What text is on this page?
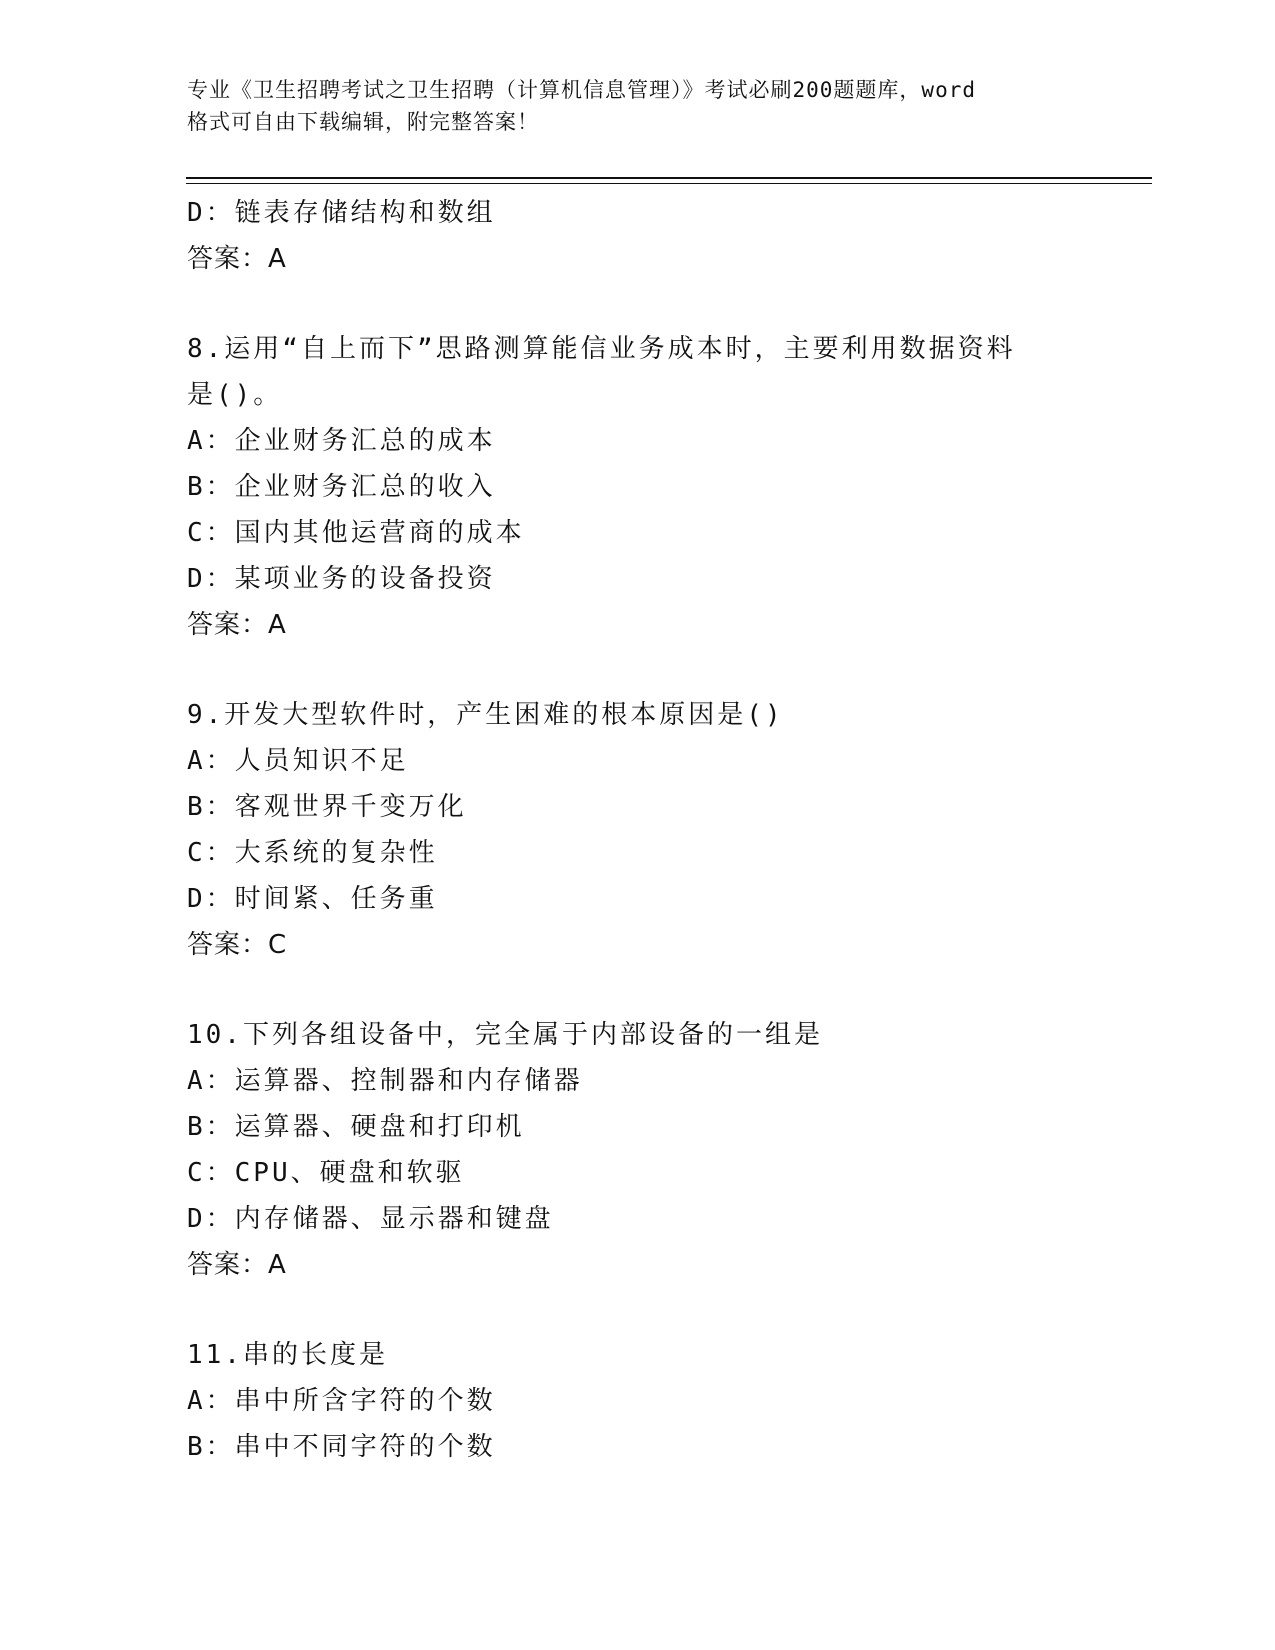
专业《卫生招聘考试之卫生招聘（计算机信息管理）》考试必刷200题题库，word
格式可自由下载编辑，附完整答案！
D：链表存储结构和数组
答案：A
8.运用“自上而下”思路测算能信业务成本时，主要利用数据资料是()。
A：企业财务汇总的成本
B：企业财务汇总的收入
C：国内其他运营商的成本
D：某项业务的设备投资
答案：A
9.开发大型软件时，产生困难的根本原因是()
A：人员知识不足
B：客观世界千变万化
C：大系统的复杂性
D：时间紧、任务重
答案：C
10.下列各组设备中，完全属于内部设备的一组是
A：运算器、控制器和内存储器
B：运算器、硬盘和打印机
C：CPU、硬盘和软驱
D：内存储器、显示器和键盘
答案：A
11.串的长度是
A：串中所含字符的个数
B：串中不同字符的个数
